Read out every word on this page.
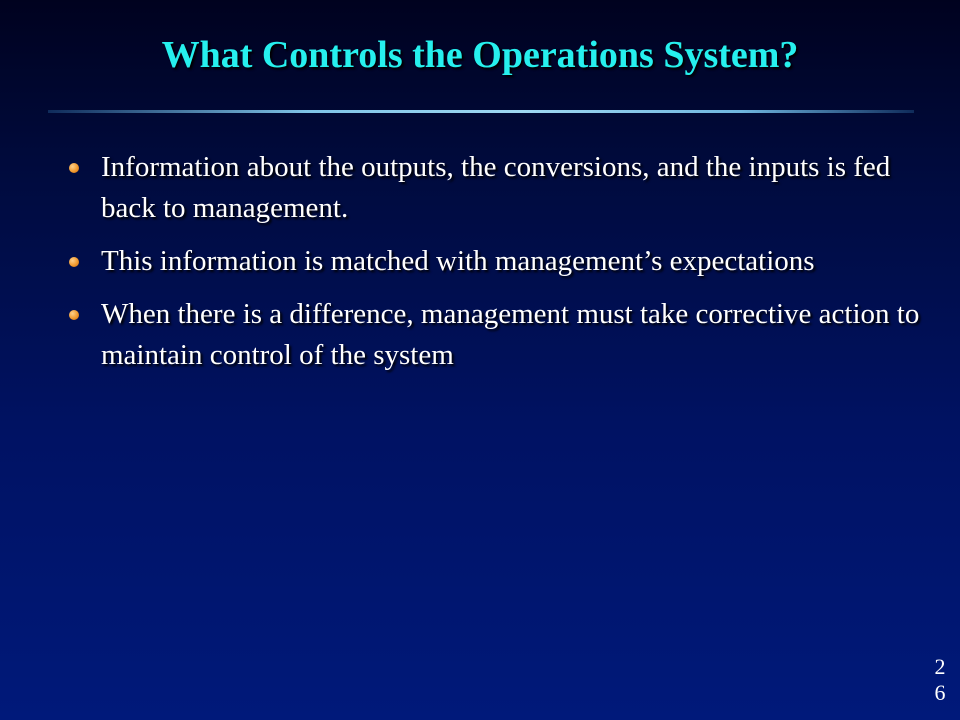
What Controls the Operations System?
Information about the outputs, the conversions, and the inputs is fed back to management.
This information is matched with management’s expectations
When there is a difference, management must take corrective action to maintain control of the system
26
